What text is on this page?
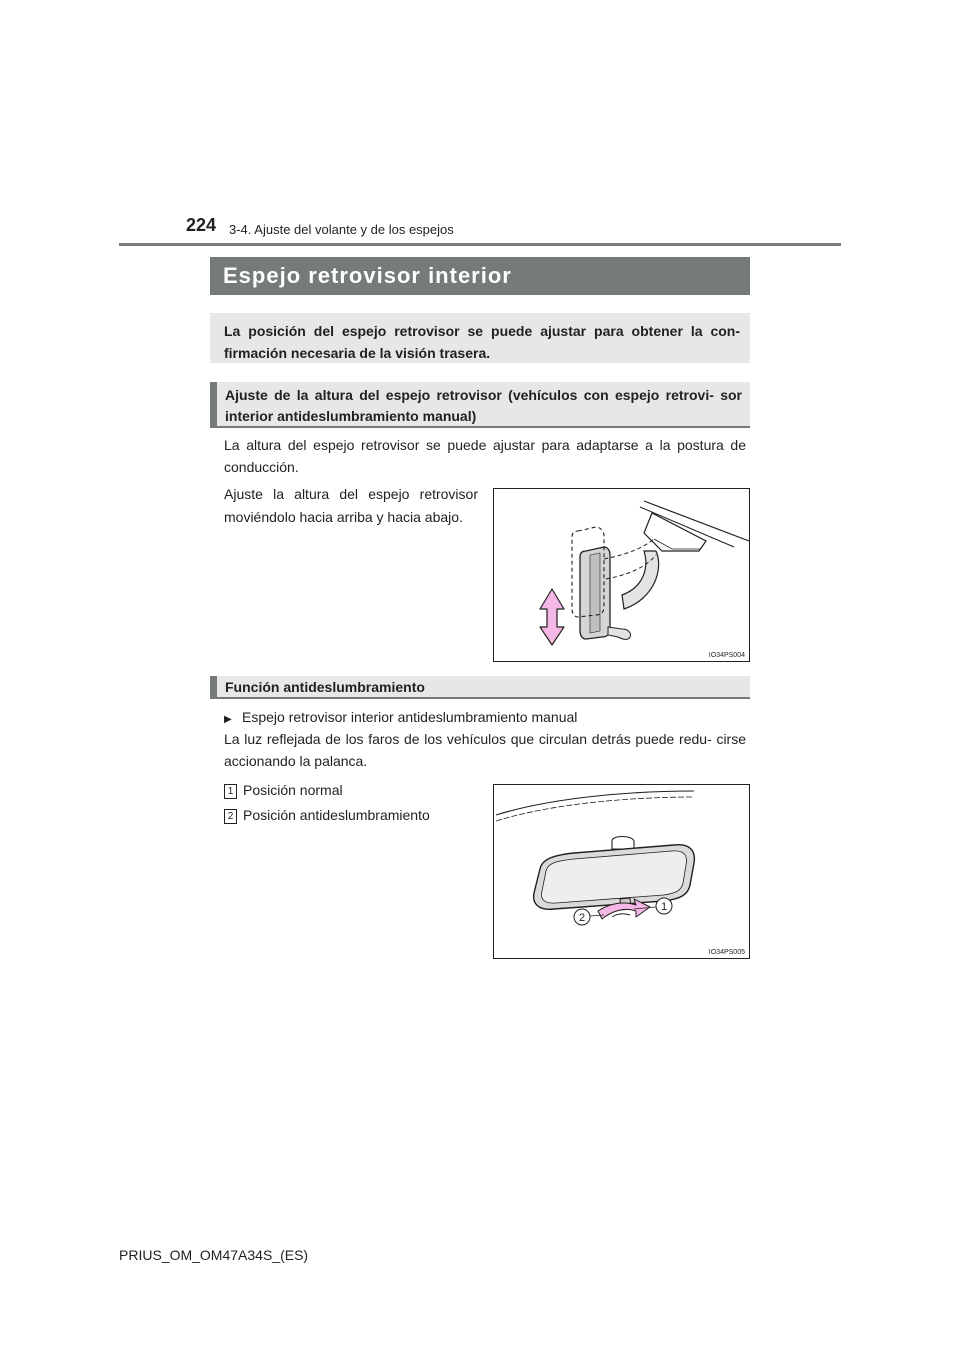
224 3-4. Ajuste del volante y de los espejos
Espejo retrovisor interior
La posición del espejo retrovisor se puede ajustar para obtener la con- firmación necesaria de la visión trasera.
Ajuste de la altura del espejo retrovisor (vehículos con espejo retrovi- sor interior antideslumbramiento manual)
La altura del espejo retrovisor se puede ajustar para adaptarse a la postura de conducción.
Ajuste la altura del espejo retrovisor moviéndolo hacia arriba y hacia abajo.
IO34PS004
Función antideslumbramiento
▶ Espejo retrovisor interior antideslumbramiento manual
La luz reflejada de los faros de los vehículos que circulan detrás puede redu- cirse accionando la palanca.
1 Posición normal
2 Posición antideslumbramiento
2
1
IO34PS005
PRIUS_OM_OM47A34S_(ES)
